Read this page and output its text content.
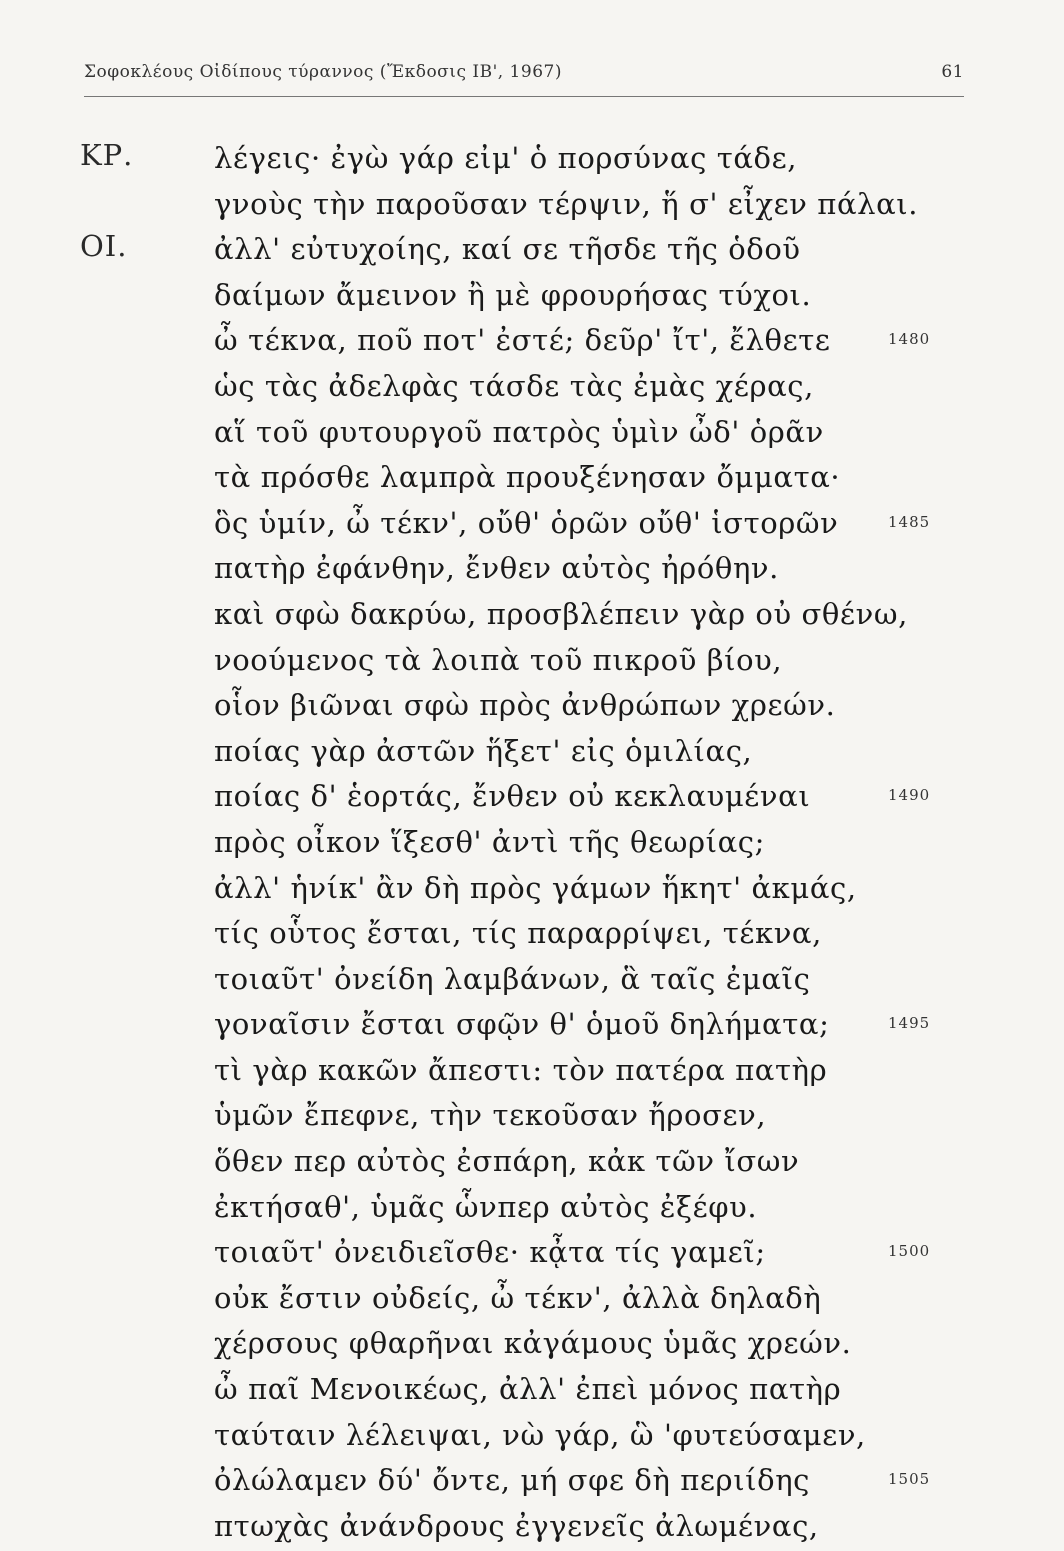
Σοφοκλέους Οἰδίπους τύραννος (Ἔκδοσις ΙΒ', 1967)	61
ΚΡ.	λέγεις· ἐγὼ γάρ εἰμ' ὁ πορσύνας τάδε,
γνοὺς τὴν παροῦσαν τέρψιν, ἥ σ' εἶχεν πάλαι.
ΟΙ.	ἀλλ' εὐτυχοίης, καί σε τῆσδε τῆς ὁδοῦ
δαίμων ἄμεινον ἢ μὲ φρουρήσας τύχοι.
ὦ τέκνα, ποῦ ποτ' ἐστέ; δεῦρ' ἴτ', ἔλθετε	1480
ὡς τὰς ἀδελφὰς τάσδε τὰς ἐμὰς χέρας,
αἵ τοῦ φυτουργοῦ πατρὸς ὑμὶν ὦδ' ὁρᾶν
τὰ πρόσθε λαμπρὰ προυξένησαν ὄμματα·
ὃς ὑμίν, ὦ τέκν', οὔθ' ὁρῶν οὔθ' ἱστορῶν	1485
πατὴρ ἐφάνθην, ἔνθεν αὐτὸς ἠρόθην.
καὶ σφὼ δακρύω, προσβλέπειν γὰρ οὐ σθένω,
νοούμενος τὰ λοιπὰ τοῦ πικροῦ βίου,
οἷον βιῶναι σφὼ πρὸς ἀνθρώπων χρεών.
ποίας γὰρ ἀστῶν ἥξετ' εἰς ὁμιλίας,
ποίας δ' ἑορτάς, ἔνθεν οὐ κεκλαυμέναι	1490
πρὸς οἶκον ἵξεσθ' ἀντὶ τῆς θεωρίας;
ἀλλ' ἡνίκ' ἂν δὴ πρὸς γάμων ἥκητ' ἀκμάς,
τίς οὗτος ἔσται, τίς παραρρίψει, τέκνα,
τοιαῦτ' ὀνείδη λαμβάνων, ἃ ταῖς ἐμαῖς
γοναῖσιν ἔσται σφῷν θ' ὁμοῦ δηλήματα;	1495
τὶ γὰρ κακῶν ἄπεστι: τὸν πατέρα πατὴρ
ὑμῶν ἔπεφνε, τὴν τεκοῦσαν ἤροσεν,
ὅθεν περ αὐτὸς ἐσπάρη, κἀκ τῶν ἴσων
ἐκτήσαθ', ὑμᾶς ὧνπερ αὐτὸς ἐξέφυ.
τοιαῦτ' ὀνειδιεῖσθε· κᾆτα τίς γαμεῖ;	1500
οὐκ ἔστιν οὐδείς, ὦ τέκν', ἀλλὰ δηλαδὴ
χέρσους φθαρῆναι κἀγάμους ὑμᾶς χρεών.
ὦ παῖ Μενοικέως, ἀλλ' ἐπεὶ μόνος πατὴρ
ταύταιν λέλειψαι, νὼ γάρ, ὣ 'φυτεύσαμεν,
ὀλώλαμεν δύ' ὄντε, μή σφε δὴ περιίδης	1505
πτωχὰς ἀνάνδρους ἐγγενεῖς ἀλωμένας,
